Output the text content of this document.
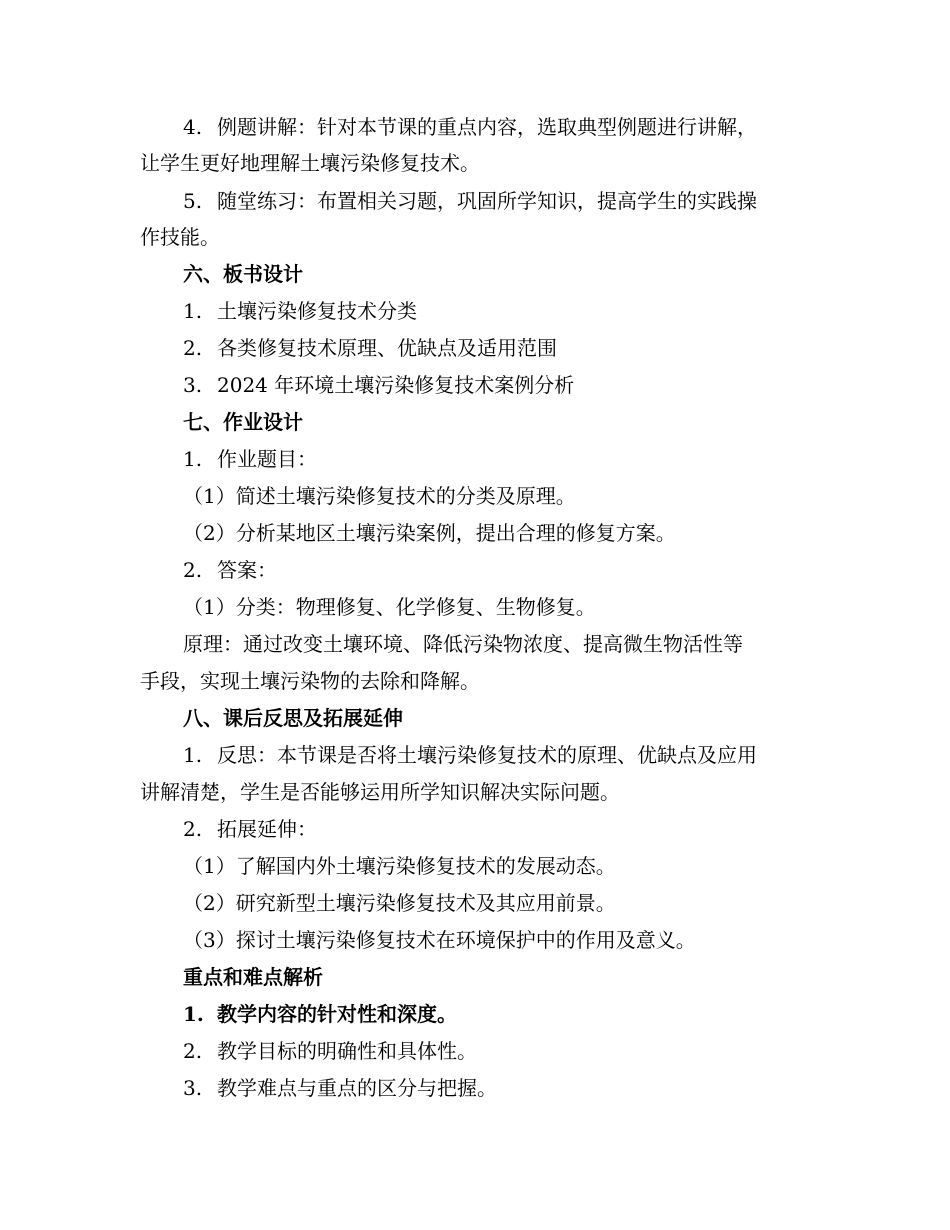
4. 例题讲解：针对本节课的重点内容，选取典型例题进行讲解，
让学生更好地理解土壤污染修复技术。
5. 随堂练习：布置相关习题，巩固所学知识，提高学生的实践操
作技能。
六、板书设计
1. 土壤污染修复技术分类
2. 各类修复技术原理、优缺点及适用范围
3. 2024 年环境土壤污染修复技术案例分析
七、作业设计
1. 作业题目：
（1）简述土壤污染修复技术的分类及原理。
（2）分析某地区土壤污染案例，提出合理的修复方案。
2. 答案：
（1）分类：物理修复、化学修复、生物修复。
原理：通过改变土壤环境、降低污染物浓度、提高微生物活性等
手段，实现土壤污染物的去除和降解。
八、课后反思及拓展延伸
1. 反思：本节课是否将土壤污染修复技术的原理、优缺点及应用
讲解清楚，学生是否能够运用所学知识解决实际问题。
2. 拓展延伸：
（1）了解国内外土壤污染修复技术的发展动态。
（2）研究新型土壤污染修复技术及其应用前景。
（3）探讨土壤污染修复技术在环境保护中的作用及意义。
重点和难点解析
1. 教学内容的针对性和深度。
2. 教学目标的明确性和具体性。
3. 教学难点与重点的区分与把握。
